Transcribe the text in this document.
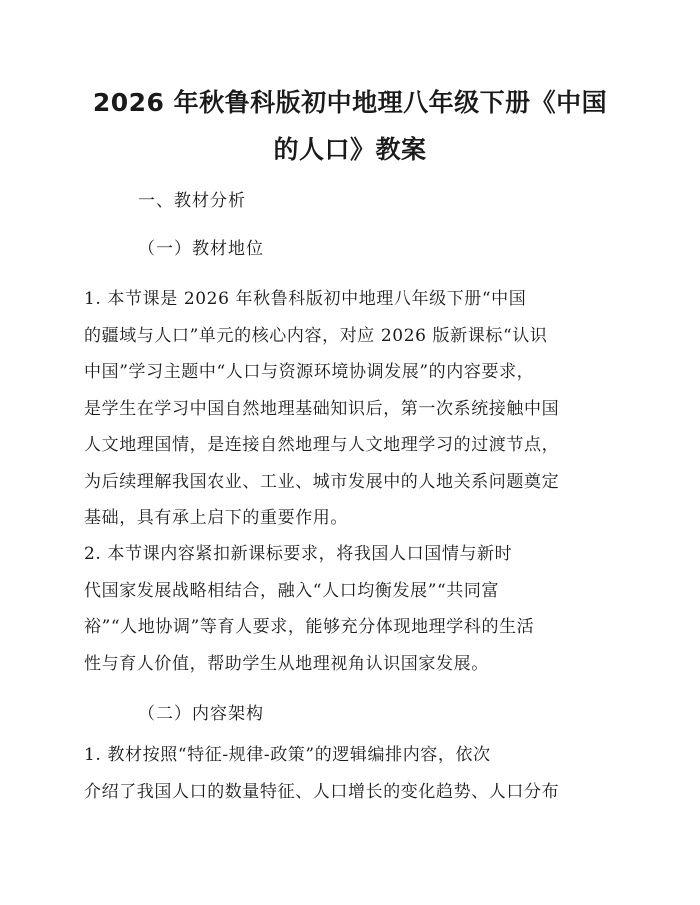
2026 年秋鲁科版初中地理八年级下册《中国
的人口》教案

一、教材分析

（一）教材地位

1. 本节课是 2026 年秋鲁科版初中地理八年级下册“中国
的疆域与人口”单元的核心内容，对应 2026 版新课标“认识
中国”学习主题中“人口与资源环境协调发展”的内容要求，
是学生在学习中国自然地理基础知识后，第一次系统接触中国
人文地理国情，是连接自然地理与人文地理学习的过渡节点，
为后续理解我国农业、工业、城市发展中的人地关系问题奠定
基础，具有承上启下的重要作用。
2. 本节课内容紧扣新课标要求，将我国人口国情与新时
代国家发展战略相结合，融入“人口均衡发展”“共同富
裕”“人地协调”等育人要求，能够充分体现地理学科的生活
性与育人价值，帮助学生从地理视角认识国家发展。

（二）内容架构

1. 教材按照“特征-规律-政策”的逻辑编排内容，依次
介绍了我国人口的数量特征、人口增长的变化趋势、人口分布
